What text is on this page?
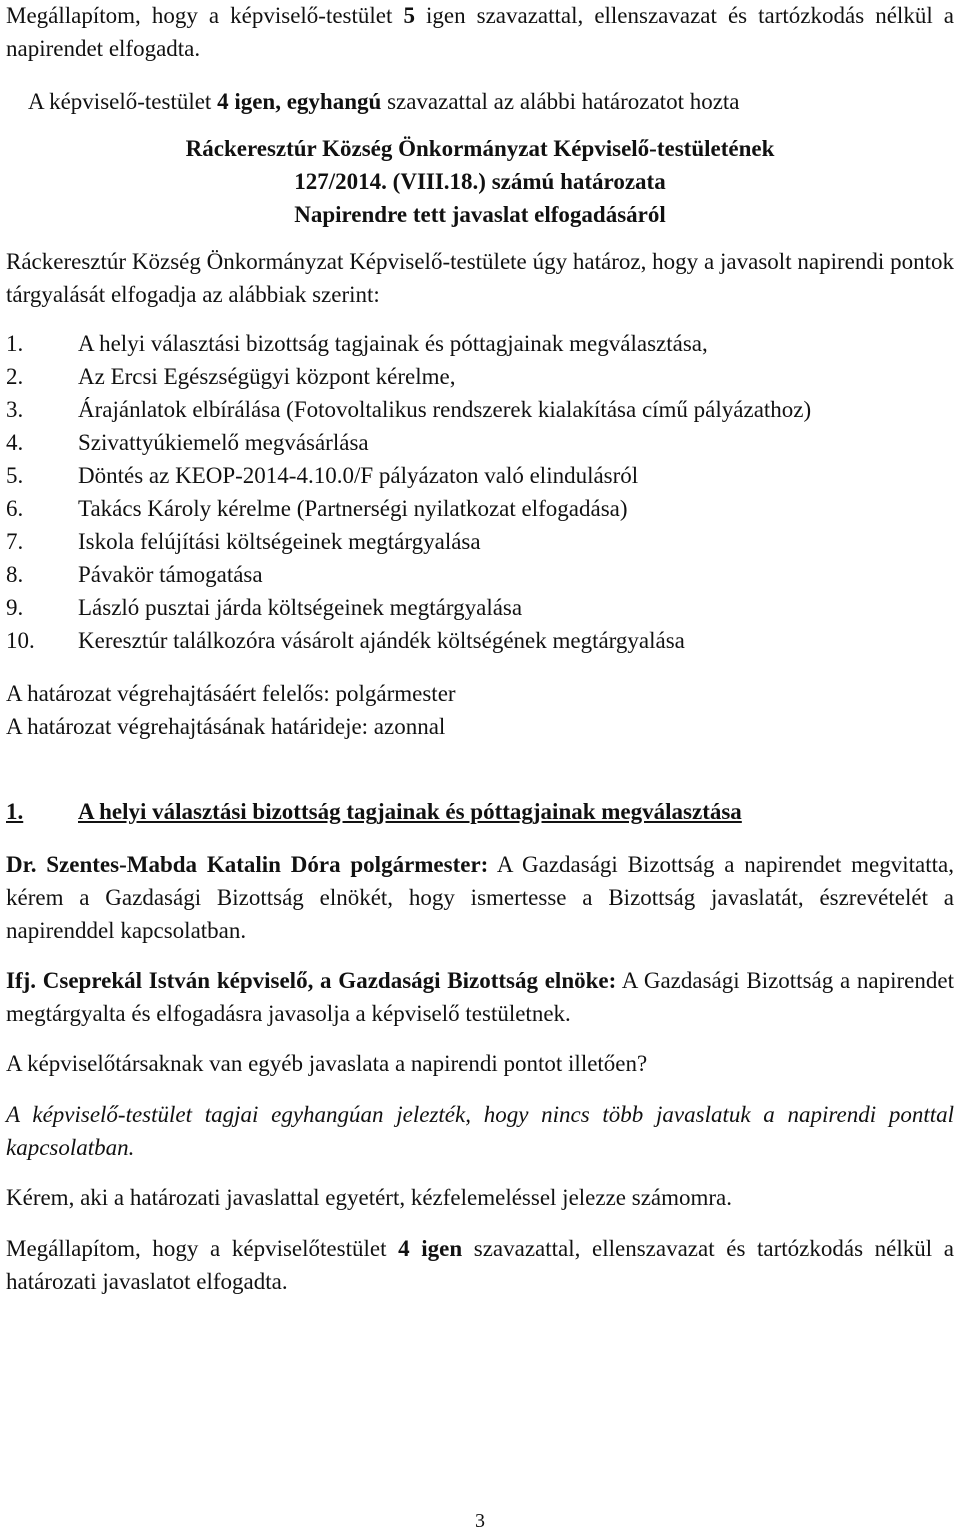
Megállapítom, hogy a képviselő-testület 5 igen szavazattal, ellenszavazat és tartózkodás nélkül a napirendet elfogadta.

A képviselő-testület 4 igen, egyhangú szavazattal az alábbi határozatot hozta

Ráckeresztúr Község Önkormányzat Képviselő-testületének

127/2014. (VIII.18.) számú határozata

Napirendre tett javaslat elfogadásáról

Ráckeresztúr Község Önkormányzat Képviselő-testülete úgy határoz, hogy a javasolt napirendi pontok tárgyalását elfogadja az alábbiak szerint:

1.	A helyi választási bizottság tagjainak és póttagjainak megválasztása,
2.	Az Ercsi Egészségügyi központ kérelme,
3.	Árajánlatok elbírálása (Fotovoltalikus rendszerek kialakítása című pályázathoz)
4.	Szivattyúkiemelő megvásárlása
5.	Döntés az KEOP-2014-4.10.0/F pályázaton való elindulásról
6.	Takács Károly kérelme (Partnerségi nyilatkozat elfogadása)
7.	Iskola felújítási költségeinek megtárgyalása
8.	Pávakör támogatása
9.	László pusztai járda költségeinek megtárgyalása
10.	Keresztúr találkozóra vásárolt ajándék költségének megtárgyalása

A határozat végrehajtásáért felelős: polgármester

A határozat végrehajtásának határideje: azonnal

1.	A helyi választási bizottság tagjainak és póttagjainak megválasztása

Dr. Szentes-Mabda Katalin Dóra polgármester: A Gazdasági Bizottság a napirendet megvitatta, kérem a Gazdasági Bizottság elnökét, hogy ismertesse a Bizottság javaslatát, észrevételét a napirenddel kapcsolatban.

Ifj. Cseprekál István képviselő, a Gazdasági Bizottság elnöke: A Gazdasági Bizottság a napirendet megtárgyalta és elfogadásra javasolja a képviselő testületnek.

A képviselőtársaknak van egyéb javaslata a napirendi pontot illetően?

A képviselő-testület tagjai egyhangúan jelezték, hogy nincs több javaslatuk a napirendi ponttal kapcsolatban.

Kérem, aki a határozati javaslattal egyetért, kézfelemeléssel jelezze számomra.

Megállapítom, hogy a képviselőtestület 4 igen szavazattal, ellenszavazat és tartózkodás nélkül a határozati javaslatot elfogadta.

3
